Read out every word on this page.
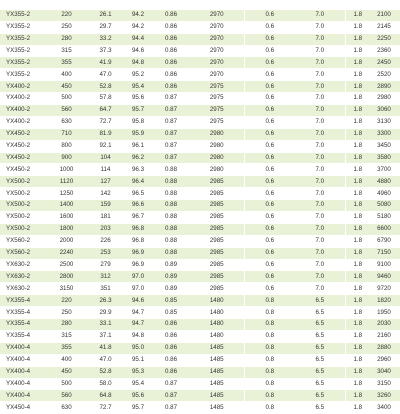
YX355-2	220	26.1	94.2	0.86	2970	0.6	7.0	1.8	2100
YX355-2	250	29.7	94.2	0.86	2970	0.6	7.0	1.8	2145
YX355-2	280	33.2	94.4	0.86	2970	0.6	7.0	1.8	2250
YX355-2	315	37.3	94.6	0.86	2970	0.6	7.0	1.8	2360
YX355-2	355	41.9	94.8	0.86	2970	0.6	7.0	1.8	2450
YX355-2	400	47.0	95.2	0.86	2970	0.6	7.0	1.8	2520
YX400-2	450	52.8	95.4	0.86	2975	0.6	7.0	1.8	2890
YX400-2	500	57.8	95.6	0.87	2975	0.6	7.0	1.8	2980
YX400-2	560	64.7	95.7	0.87	2975	0.6	7.0	1.8	3060
YX400-2	630	72.7	95.8	0.87	2975	0.6	7.0	1.8	3130
YX450-2	710	81.9	95.9	0.87	2980	0.6	7.0	1.8	3300
YX450-2	800	92.1	96.1	0.87	2980	0.6	7.0	1.8	3450
YX450-2	900	104	96.2	0.87	2980	0.6	7.0	1.8	3580
YX450-2	1000	114	96.3	0.88	2980	0.6	7.0	1.8	3700
YX500-2	1120	127	96.4	0.88	2985	0.6	7.0	1.8	4880
YX500-2	1250	142	96.5	0.88	2985	0.6	7.0	1.8	4960
YX500-2	1400	159	96.6	0.88	2985	0.6	7.0	1.8	5080
YX500-2	1600	181	96.7	0.88	2985	0.6	7.0	1.8	5180
YX500-2	1800	203	96.8	0.88	2985	0.6	7.0	1.8	6600
YX560-2	2000	226	96.8	0.88	2985	0.6	7.0	1.8	6790
YX560-2	2240	253	96.9	0.88	2985	0.6	7.0	1.8	7150
YX630-2	2500	279	96.9	0.89	2985	0.6	7.0	1.8	9100
YX630-2	2800	312	97.0	0.89	2985	0.6	7.0	1.8	9460
YX630-2	3150	351	97.0	0.89	2985	0.6	7.0	1.8	9720
YX355-4	220	26.3	94.6	0.85	1480	0.8	6.5	1.8	1820
YX355-4	250	29.9	94.7	0.85	1480	0.8	6.5	1.8	1950
YX355-4	280	33.1	94.7	0.86	1480	0.8	6.5	1.8	2030
YX355-4	315	37.1	94.8	0.86	1480	0.8	6.5	1.8	2160
YX400-4	355	41.8	95.0	0.86	1485	0.8	6.5	1.8	2880
YX400-4	400	47.0	95.1	0.86	1485	0.8	6.5	1.8	2960
YX400-4	450	52.8	95.3	0.86	1485	0.8	6.5	1.8	3040
YX400-4	500	58.0	95.4	0.87	1485	0.8	6.5	1.8	3150
YX400-4	560	64.8	95.6	0.87	1485	0.8	6.5	1.8	3260
YX450-4	630	72.7	95.7	0.87	1485	0.8	6.5	1.8	3400
